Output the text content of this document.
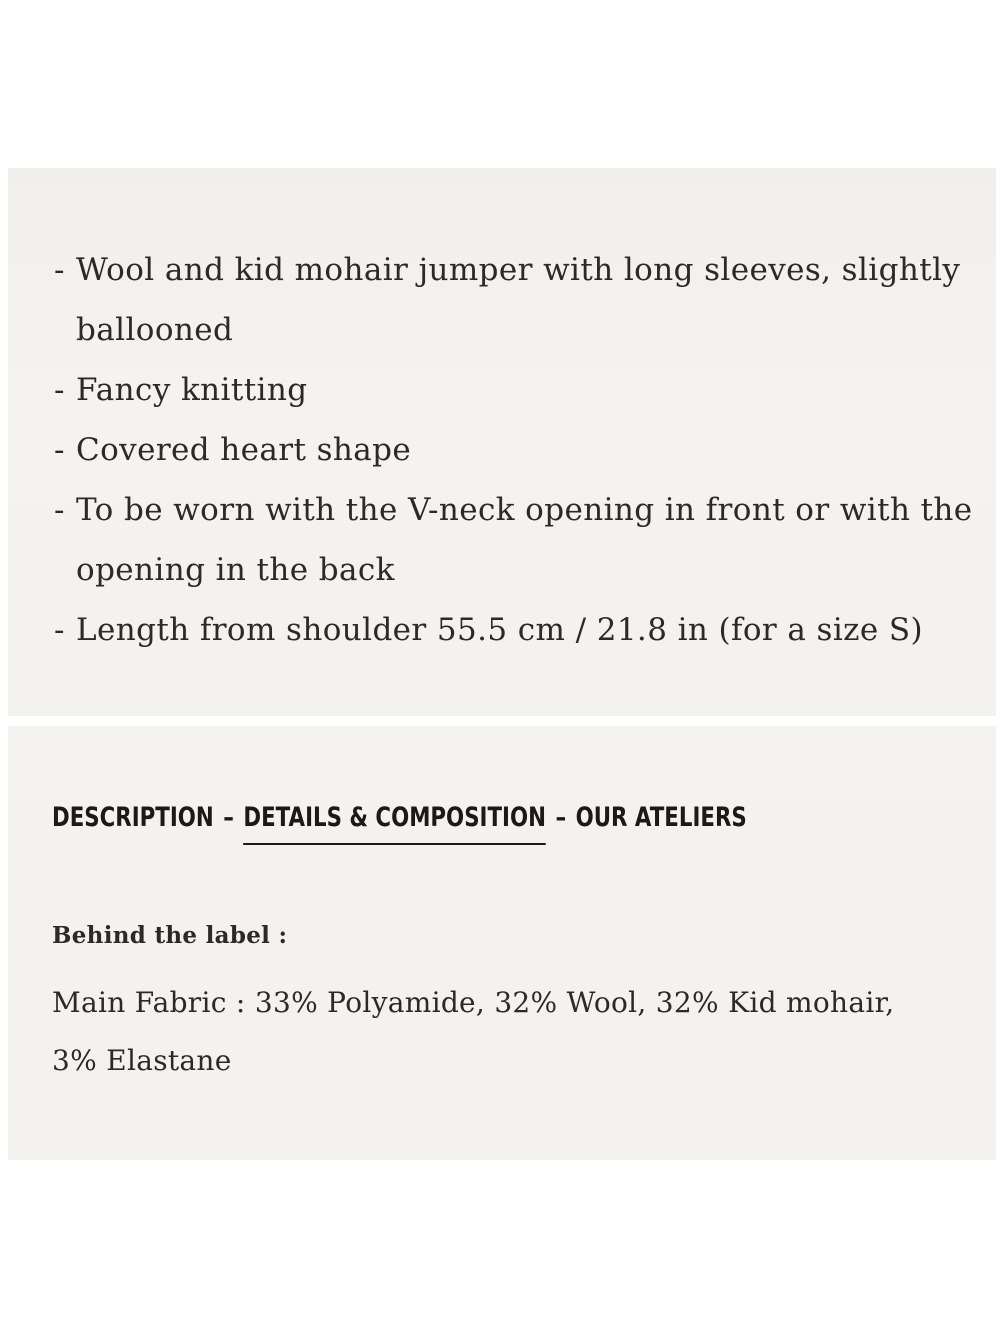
- Wool and kid mohair jumper with long sleeves, slightly ballooned
- Fancy knitting
- Covered heart shape
- To be worn with the V-neck opening in front or with the opening in the back
- Length from shoulder 55.5 cm / 21.8 in (for a size S)
DESCRIPTION – DETAILS & COMPOSITION – OUR ATELIERS
Behind the label :
Main Fabric : 33% Polyamide, 32% Wool, 32% Kid mohair, 3% Elastane
